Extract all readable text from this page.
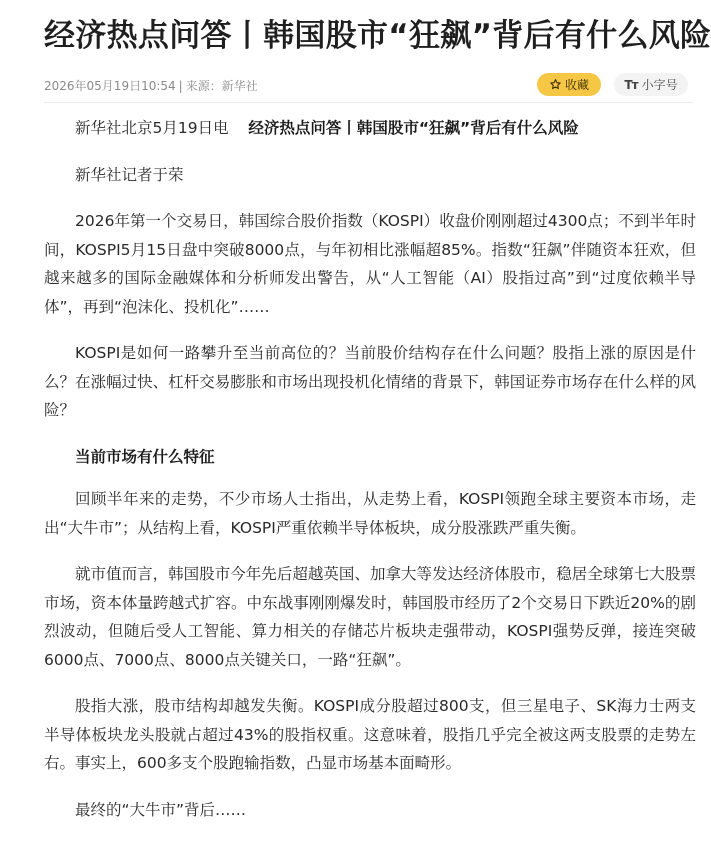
经济热点问答丨韩国股市“狂飙”背后有什么风险
2026年05月19日10:54 | 来源：新华社	收藏	Tт 小字号

新华社北京5月19日电 经济热点问答丨韩国股市“狂飙”背后有什么风险

新华社记者于荣

2026年第一个交易日，韩国综合股价指数（KOSPI）收盘价刚刚超过4300点；不到半年时间，KOSPI5月15日盘中突破8000点，与年初相比涨幅超85%。指数“狂飙”伴随资本狂欢，但越来越多的国际金融媒体和分析师发出警告，从“人工智能（AI）股指过高”到“过度依赖半导体”，再到“泡沫化、投机化”……

KOSPI是如何一路攀升至当前高位的？当前股价结构存在什么问题？股指上涨的原因是什么？在涨幅过快、杠杆交易膨胀和市场出现投机化情绪的背景下，韩国证券市场存在什么样的风险？

当前市场有什么特征

回顾半年来的走势，不少市场人士指出，从走势上看，KOSPI领跑全球主要资本市场，走出“大牛市”；从结构上看，KOSPI严重依赖半导体板块，成分股涨跌严重失衡。

就市值而言，韩国股市今年先后超越英国、加拿大等发达经济体股市，稳居全球第七大股票市场，资本体量跨越式扩容。中东战事刚刚爆发时，韩国股市经历了2个交易日下跌近20%的剧烈波动，但随后受人工智能、算力相关的存储芯片板块走强带动，KOSPI强势反弹，接连突破6000点、7000点、8000点关键关口，一路“狂飙”。

股指大涨，股市结构却越发失衡。KOSPI成分股超过800支，但三星电子、SK海力士两支半导体板块龙头股就占超过43%的股指权重。这意味着，股指几乎完全被这两支股票的走势左右。事实上，600多支个股跑输指数，凸显市场基本面畸形。

最终的“大牛市”背后……
